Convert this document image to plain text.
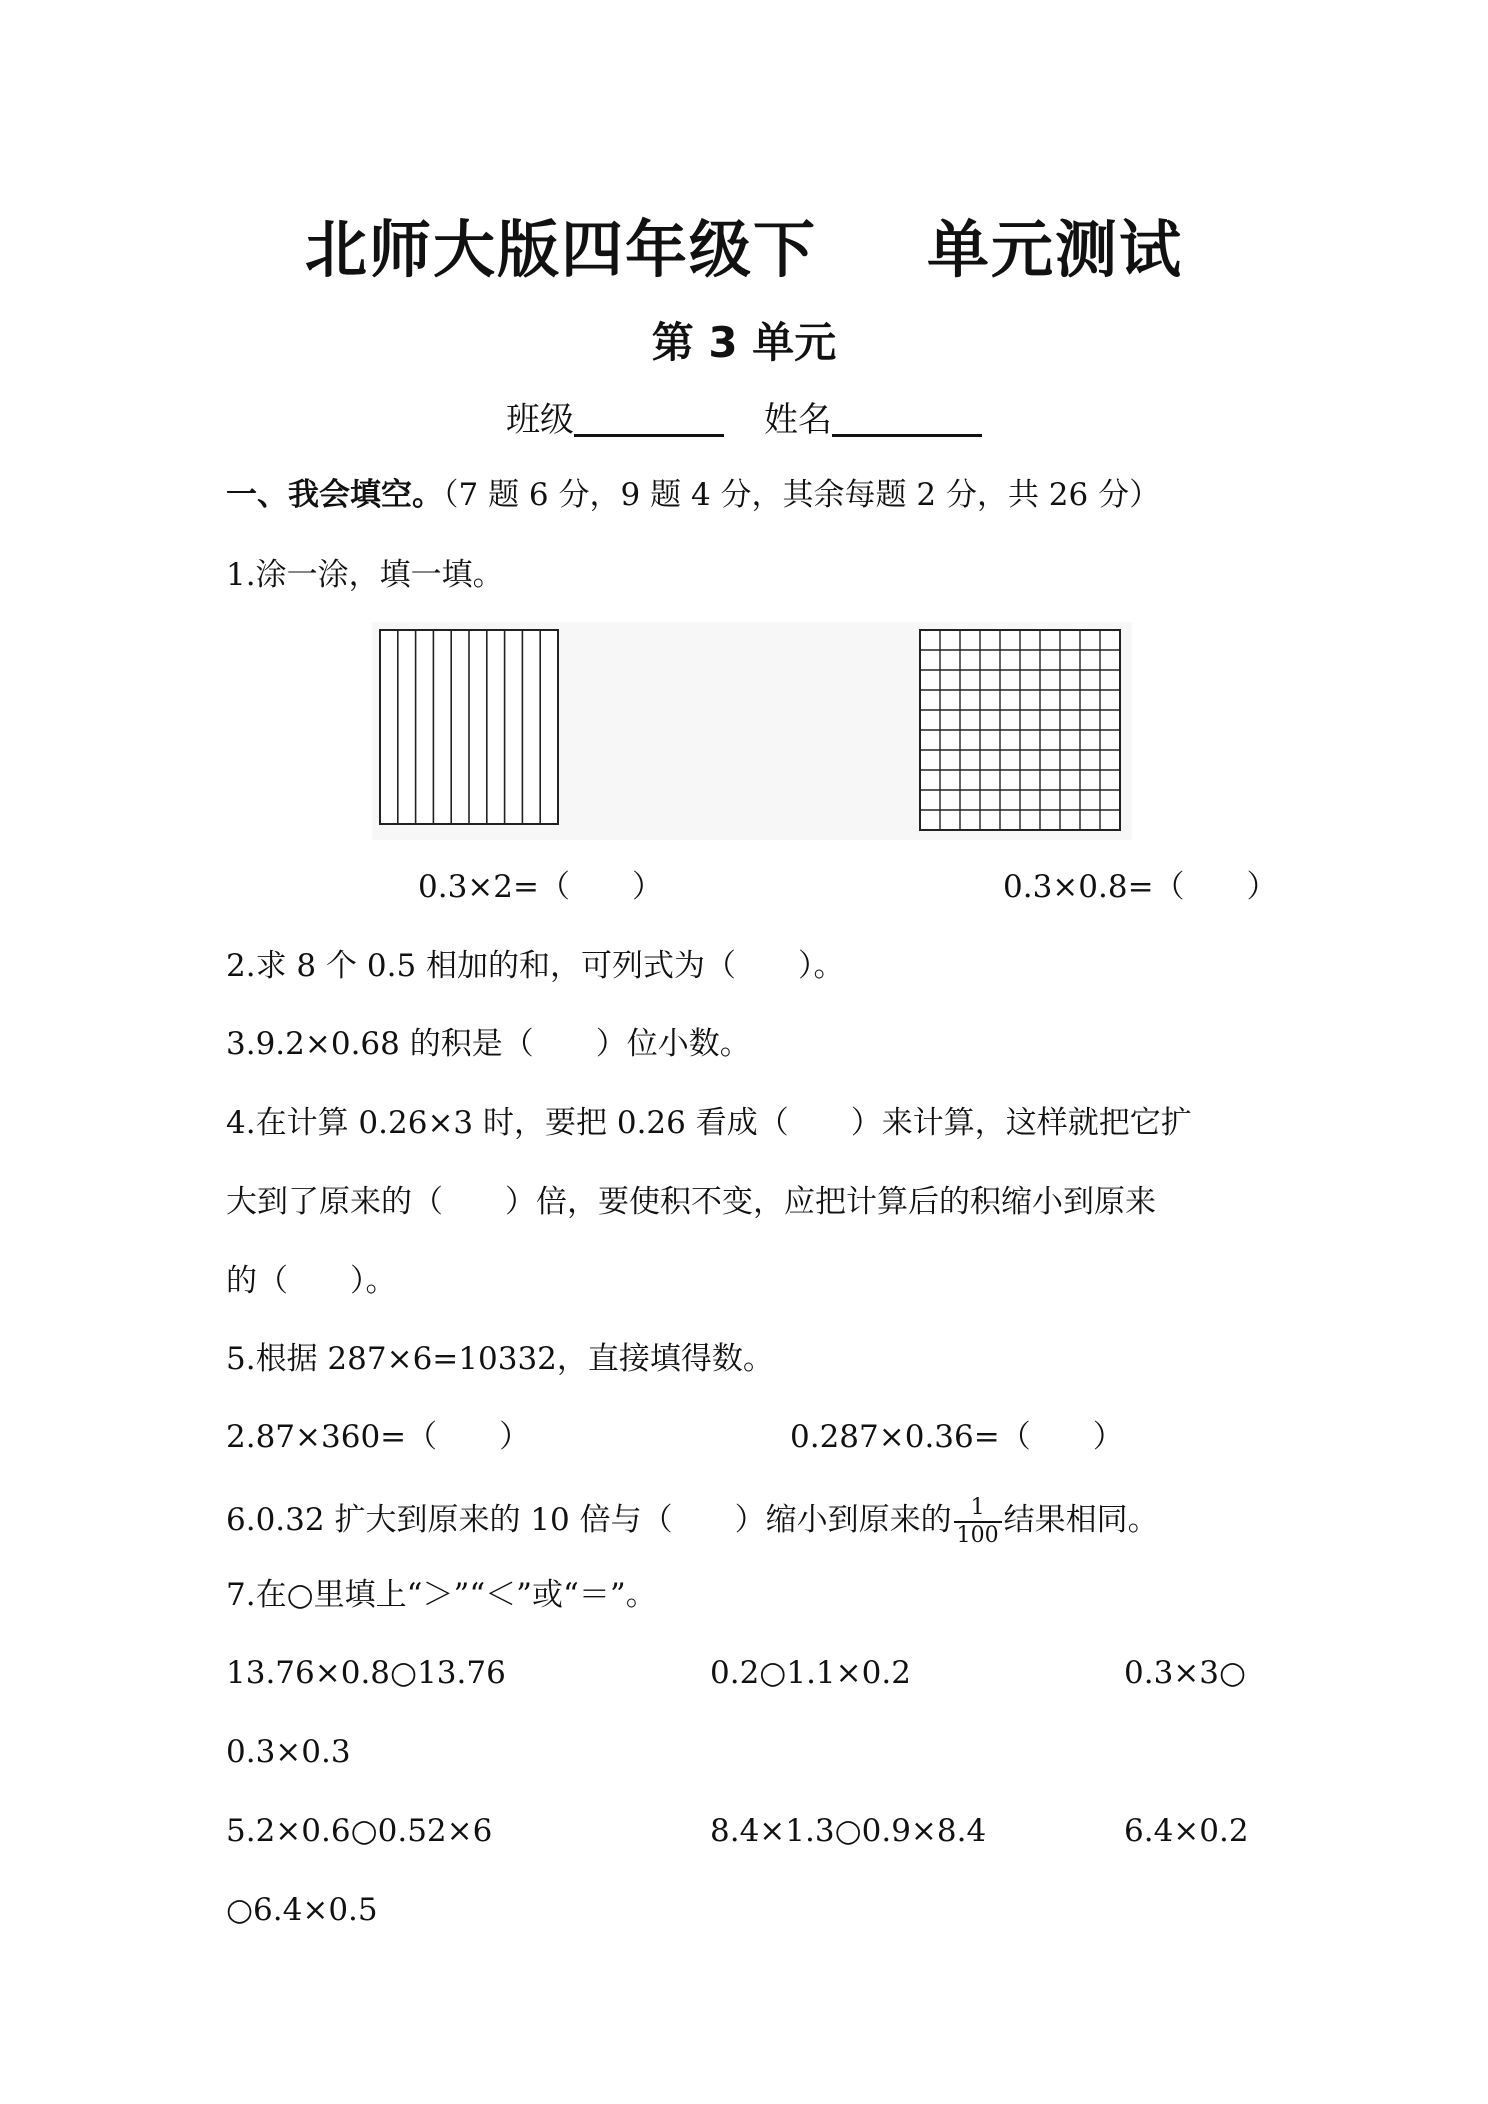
北师大版四年级下 单元测试
第 3 单元
班级	姓名
一、我会填空。（7 题 6 分，9 题 4 分，其余每题 2 分，共 26 分）
1.涂一涂，填一填。
0.3×2=（　　）	0.3×0.8=（　　）
2.求 8 个 0.5 相加的和，可列式为（　　）。
3.9.2×0.68 的积是（　　）位小数。
4.在计算 0.26×3 时，要把 0.26 看成（　　）来计算，这样就把它扩
大到了原来的（　　）倍，要使积不变，应把计算后的积缩小到原来
的（　　）。
5.根据 287×6=10332，直接填得数。
2.87×360=（　　）	0.287×0.36=（　　）
6.0.32 扩大到原来的 10 倍与（　　）缩小到原来的 $\frac{1}{100}$ 结果相同。
7.在○里填上“＞”“＜”或“＝”。
13.76×0.8○13.76	0.2○1.1×0.2	0.3×3○
0.3×0.3
5.2×0.6○0.52×6	8.4×1.3○0.9×8.4	6.4×0.2
○6.4×0.5
